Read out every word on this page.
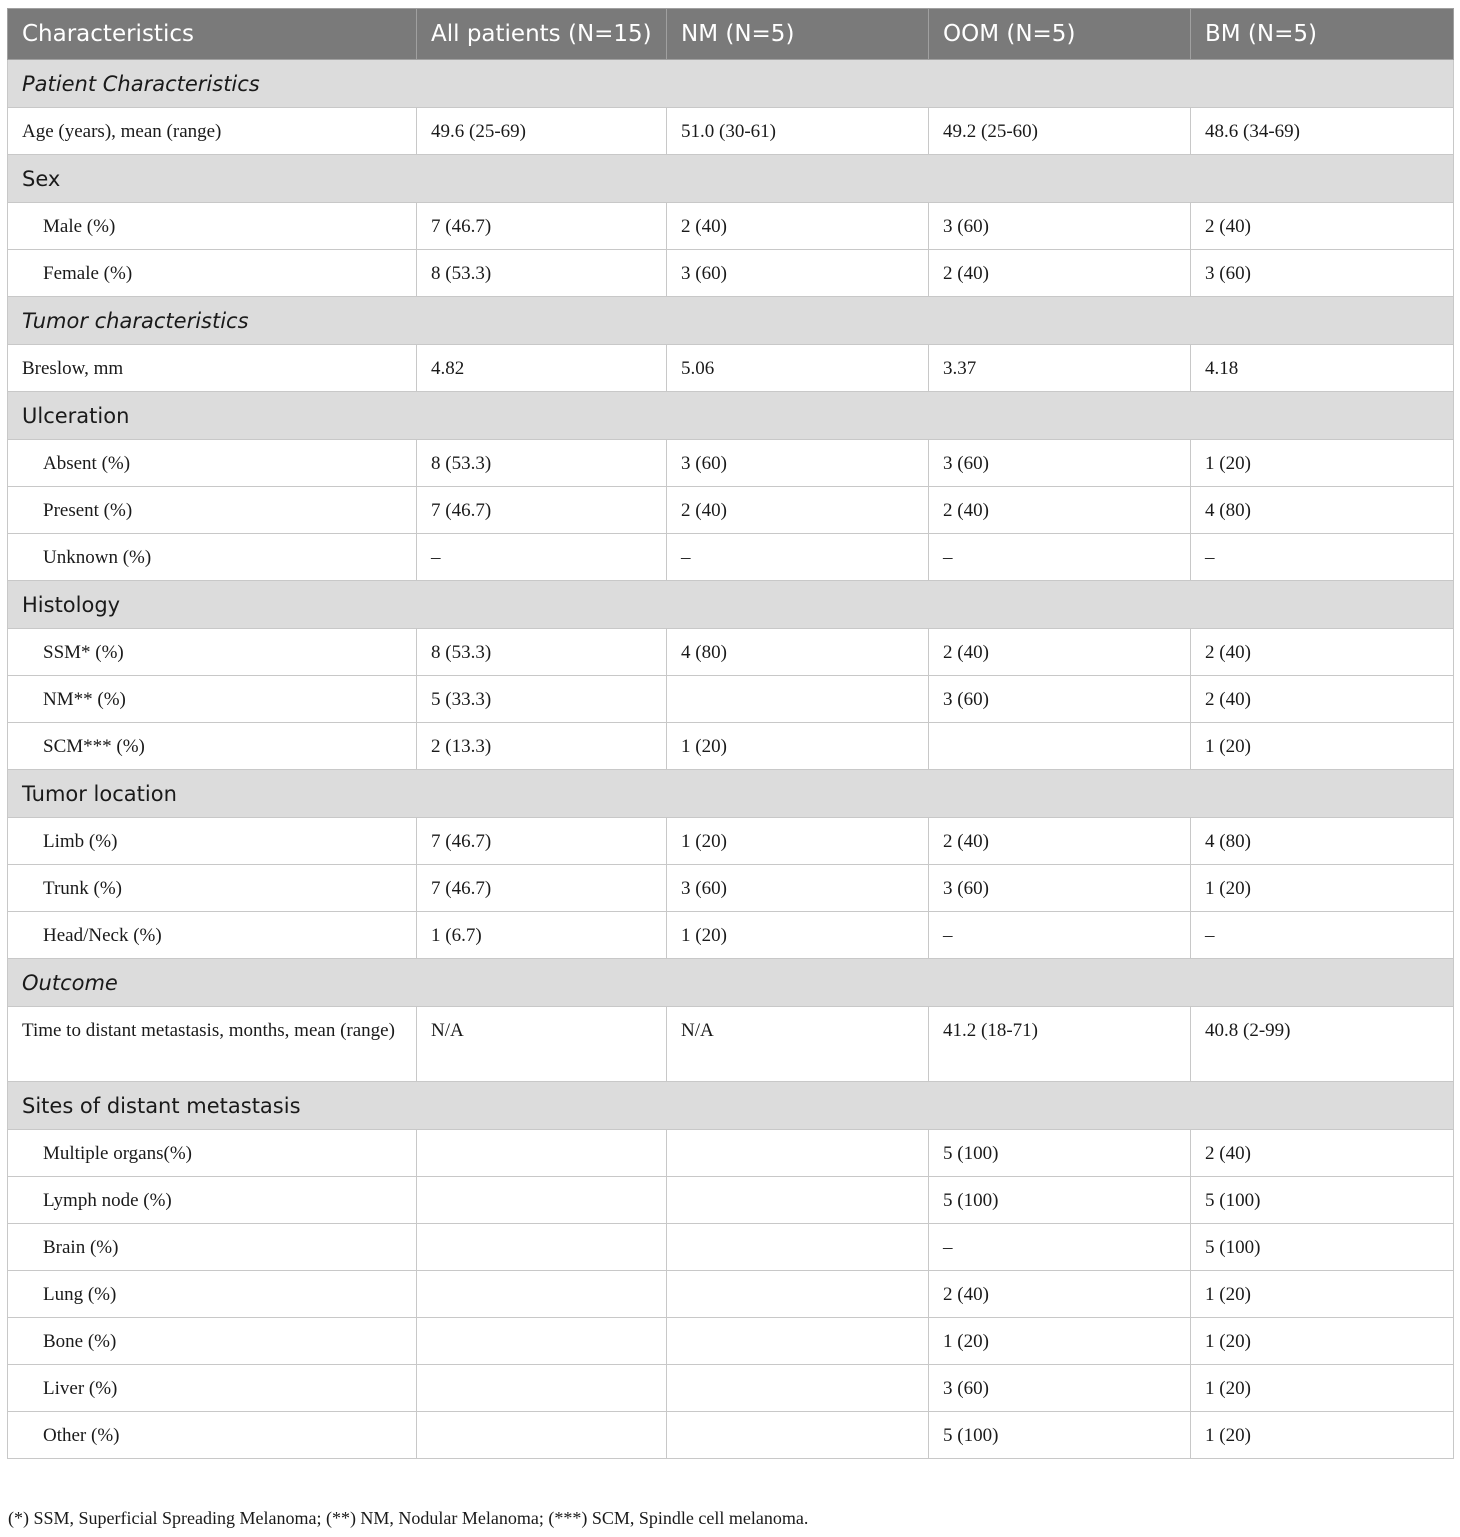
Characteristics	All patients (N=15)	NM (N=5)	OOM (N=5)	BM (N=5)
Patient Characteristics				
Age (years), mean (range)	49.6 (25-69)	51.0 (30-61)	49.2 (25-60)	48.6 (34-69)
Sex				
Male (%)	7 (46.7)	2 (40)	3 (60)	2 (40)
Female (%)	8 (53.3)	3 (60)	2 (40)	3 (60)
Tumor characteristics				
Breslow, mm	4.82	5.06	3.37	4.18
Ulceration				
Absent (%)	8 (53.3)	3 (60)	3 (60)	1 (20)
Present (%)	7 (46.7)	2 (40)	2 (40)	4 (80)
Unknown (%)	–	–	–	–
Histology				
SSM* (%)	8 (53.3)	4 (80)	2 (40)	2 (40)
NM** (%)	5 (33.3)		3 (60)	2 (40)
SCM*** (%)	2 (13.3)	1 (20)		1 (20)
Tumor location				
Limb (%)	7 (46.7)	1 (20)	2 (40)	4 (80)
Trunk (%)	7 (46.7)	3 (60)	3 (60)	1 (20)
Head/Neck (%)	1 (6.7)	1 (20)	–	–
Outcome				
Time to distant metastasis, months, mean (range)	N/A	N/A	41.2 (18-71)	40.8 (2-99)
Sites of distant metastasis				
Multiple organs(%)			5 (100)	2 (40)
Lymph node (%)			5 (100)	5 (100)
Brain (%)			–	5 (100)
Lung (%)			2 (40)	1 (20)
Bone (%)			1 (20)	1 (20)
Liver (%)			3 (60)	1 (20)
Other (%)			5 (100)	1 (20)
(*) SSM, Superficial Spreading Melanoma; (**) NM, Nodular Melanoma; (***) SCM, Spindle cell melanoma.
